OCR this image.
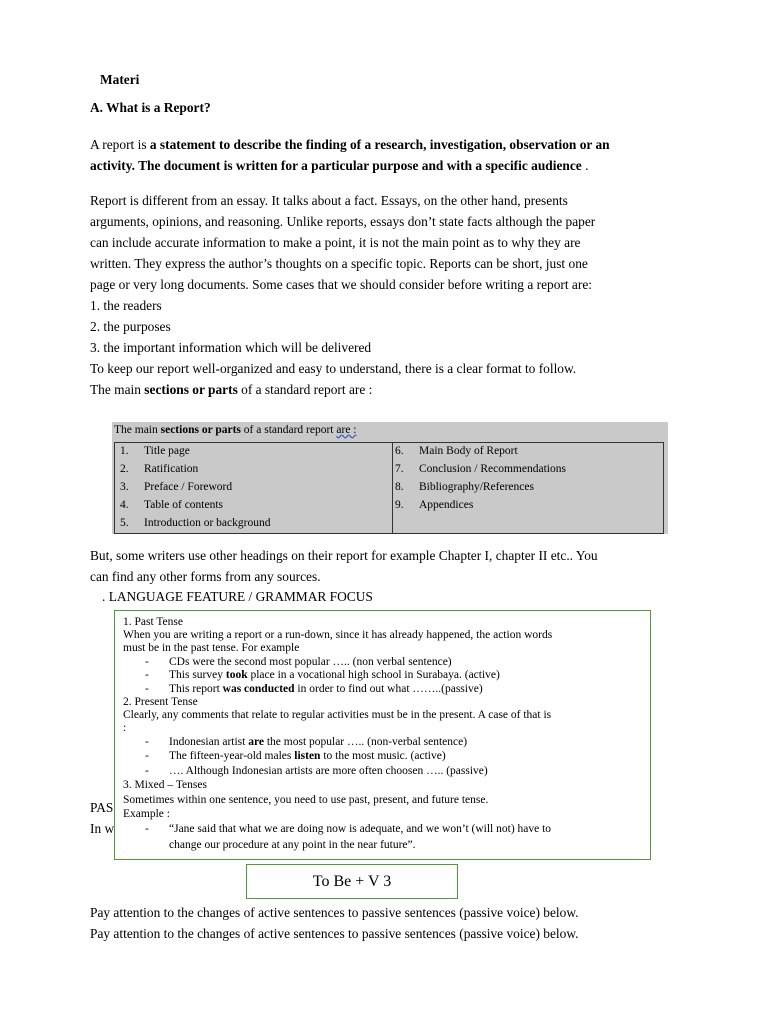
Materi
A. What is a Report?
A report is a statement to describe the finding of a research, investigation, observation or an
activity. The document is written for a particular purpose and with a specific audience .
Report is different from an essay. It talks about a fact. Essays, on the other hand, presents
arguments, opinions, and reasoning. Unlike reports, essays don’t state facts although the paper
can include accurate information to make a point, it is not the main point as to why they are
written. They express the author’s thoughts on a specific topic. Reports can be short, just one
page or very long documents. Some cases that we should consider before writing a report are:
1. the readers
2. the purposes
3. the important information which will be delivered
To keep our report well-organized and easy to understand, there is a clear format to follow.
The main sections or parts of a standard report are :
The main sections or parts of a standard report are :
1. Title page
2. Ratification
3. Preface / Foreword
4. Table of contents
5. Introduction or background
6. Main Body of Report
7. Conclusion / Recommendations
8. Bibliography/References
9. Appendices
But, some writers use other headings on their report for example Chapter I, chapter II etc.. You
can find any other forms from any sources.
. LANGUAGE FEATURE / GRAMMAR FOCUS
PAS
In w
1. Past Tense
When you are writing a report or a run-down, since it has already happened, the action words
must be in the past tense. For example
- CDs were the second most popular ….. (non verbal sentence)
- This survey took place in a vocational high school in Surabaya. (active)
- This report was conducted in order to find out what ……..(passive)
2. Present Tense
Clearly, any comments that relate to regular activities must be in the present. A case of that is
:
- Indonesian artist are the most popular ….. (non-verbal sentence)
- The fifteen-year-old males listen to the most music. (active)
- …. Although Indonesian artists are more often choosen ….. (passive)
3. Mixed – Tenses
Sometimes within one sentence, you need to use past, present, and future tense.
Example :
- “Jane said that what we are doing now is adequate, and we won’t (will not) have to
change our procedure at any point in the near future”.
To Be + V 3
Pay attention to the changes of active sentences to passive sentences (passive voice) below.
Pay attention to the changes of active sentences to passive sentences (passive voice) below.
